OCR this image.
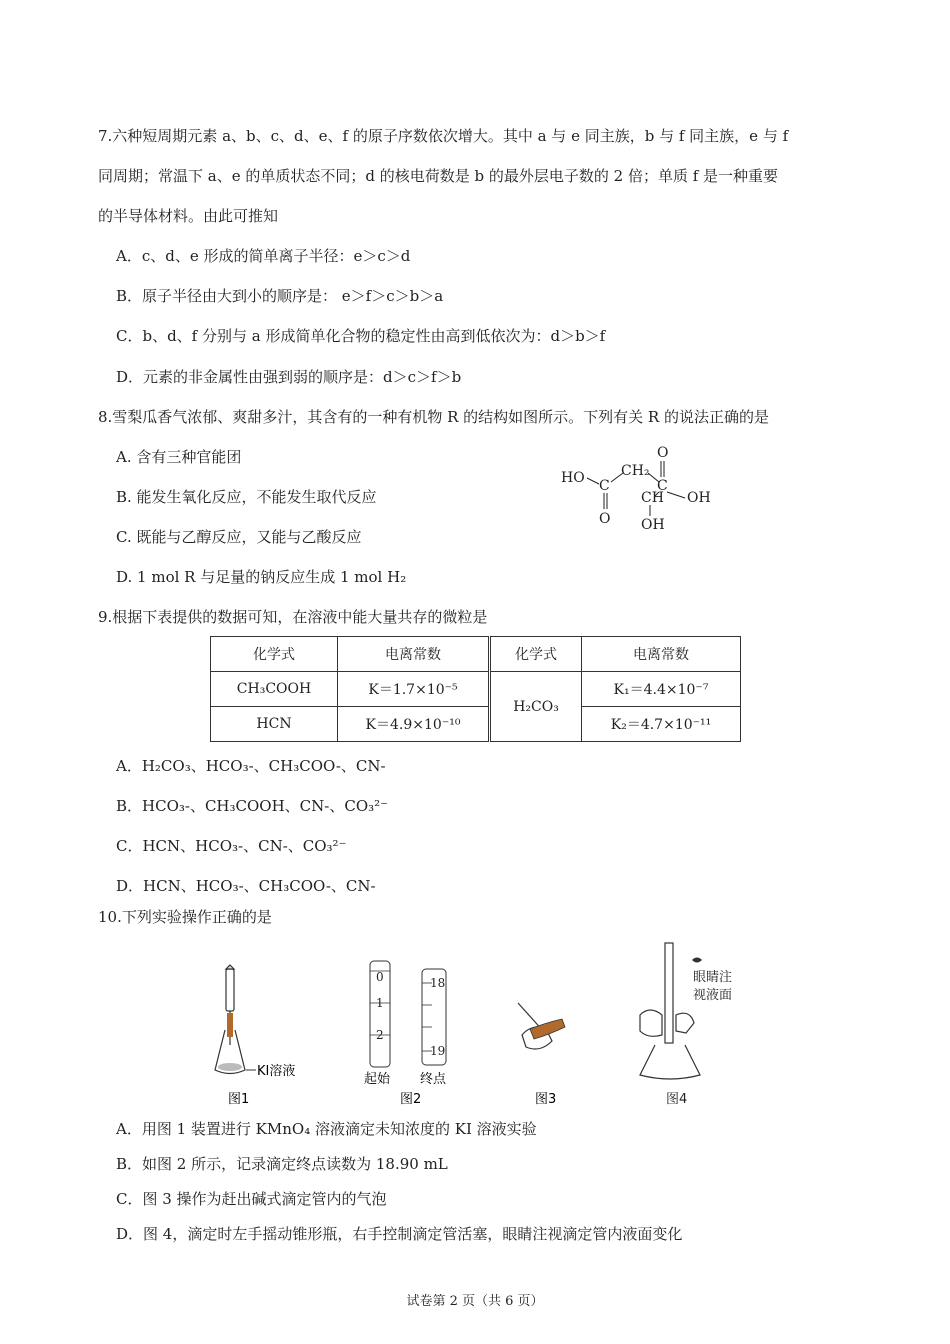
7.六种短周期元素 a、b、c、d、e、f 的原子序数依次增大。其中 a 与 e 同主族，b 与 f 同主族，e 与 f
同周期；常温下 a、e 的单质状态不同；d 的核电荷数是 b 的最外层电子数的 2 倍；单质 f 是一种重要
的半导体材料。由此可推知
A．c、d、e 形成的简单离子半径：e＞c＞d
B．原子半径由大到小的顺序是： e＞f＞c＞b＞a
C．b、d、f 分别与 a 形成简单化合物的稳定性由高到低依次为：d＞b＞f
D．元素的非金属性由强到弱的顺序是：d＞c＞f＞b
8.雪梨瓜香气浓郁、爽甜多汁，其含有的一种有机物 R 的结构如图所示。下列有关 R 的说法正确的是
A. 含有三种官能团
B. 能发生氧化反应，不能发生取代反应
C. 既能与乙醇反应，又能与乙酸反应
D. 1 mol R 与足量的钠反应生成 1 mol H₂
HO C
O
CH₂
C
O
CH OH
OH
9.根据下表提供的数据可知，在溶液中能大量共存的微粒是
化学式	电离常数	化学式	电离常数
CH₃COOH	K＝1.7×10⁻⁵	H₂CO₃	K₁＝4.4×10⁻⁷
HCN	K＝4.9×10⁻¹⁰		K₂＝4.7×10⁻¹¹
A．H₂CO₃、HCO₃-、CH₃COO-、CN-
B．HCO₃-、CH₃COOH、CN-、CO₃²⁻
C．HCN、HCO₃-、CN-、CO₃²⁻
D．HCN、HCO₃-、CH₃COO-、CN-
10.下列实验操作正确的是
KI溶液
图1
0
1
2
18
19
起始 终点
图2	图3
眼睛注
视液面
图4
A．用图 1 装置进行 KMnO₄ 溶液滴定未知浓度的 KI 溶液实验
B．如图 2 所示，记录滴定终点读数为 18.90 mL
C．图 3 操作为赶出碱式滴定管内的气泡
D．图 4，滴定时左手摇动锥形瓶，右手控制滴定管活塞，眼睛注视滴定管内液面变化
试卷第 2 页（共 6 页）
